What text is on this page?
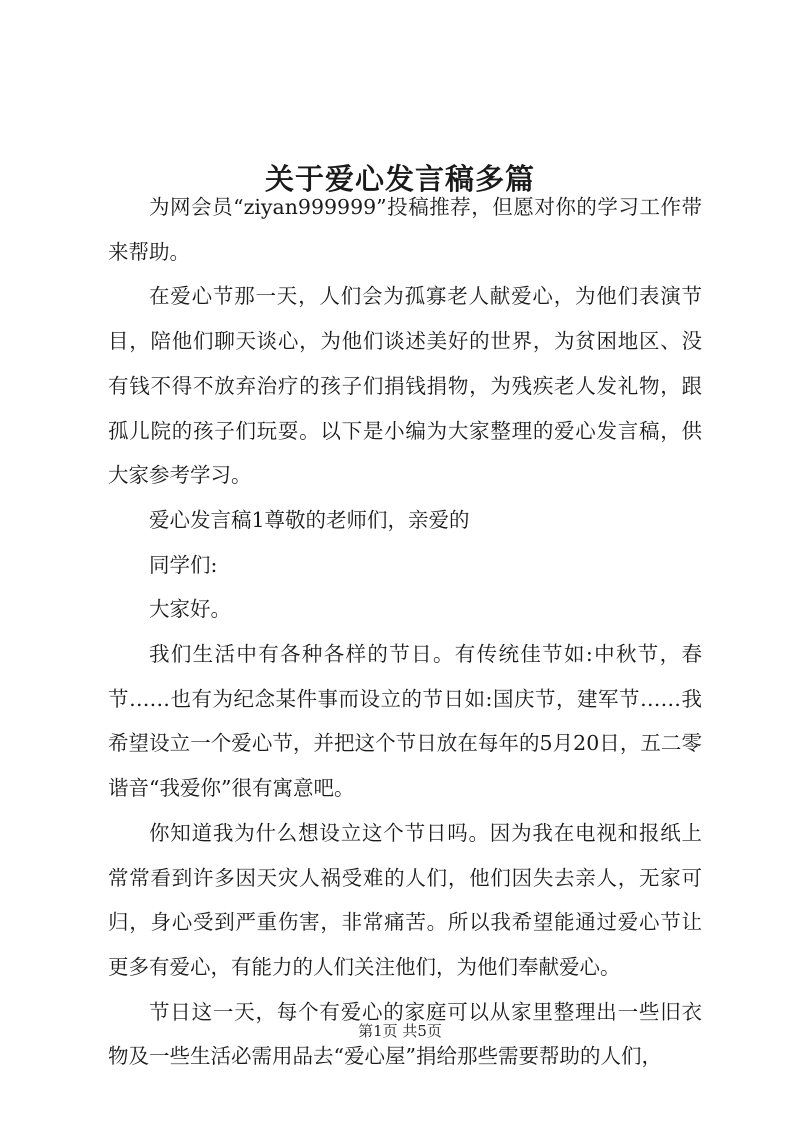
关于爱心发言稿多篇

为网会员“ziyan999999”投稿推荐，但愿对你的学习工作带来帮助。

在爱心节那一天，人们会为孤寡老人献爱心，为他们表演节目，陪他们聊天谈心，为他们谈述美好的世界，为贫困地区、没有钱不得不放弃治疗的孩子们捐钱捐物，为残疾老人发礼物，跟孤儿院的孩子们玩耍。以下是小编为大家整理的爱心发言稿，供大家参考学习。

爱心发言稿1尊敬的老师们，亲爱的

同学们:

大家好。

我们生活中有各种各样的节日。有传统佳节如:中秋节，春节……也有为纪念某件事而设立的节日如:国庆节，建军节……我希望设立一个爱心节，并把这个节日放在每年的5月20日，五二零谐音“我爱你”很有寓意吧。

你知道我为什么想设立这个节日吗。因为我在电视和报纸上常常看到许多因天灾人祸受难的人们，他们因失去亲人，无家可归，身心受到严重伤害，非常痛苦。所以我希望能通过爱心节让更多有爱心，有能力的人们关注他们，为他们奉献爱心。

节日这一天，每个有爱心的家庭可以从家里整理出一些旧衣物及一些生活必需用品去“爱心屋”捐给那些需要帮助的人们，

第1页 共5页
